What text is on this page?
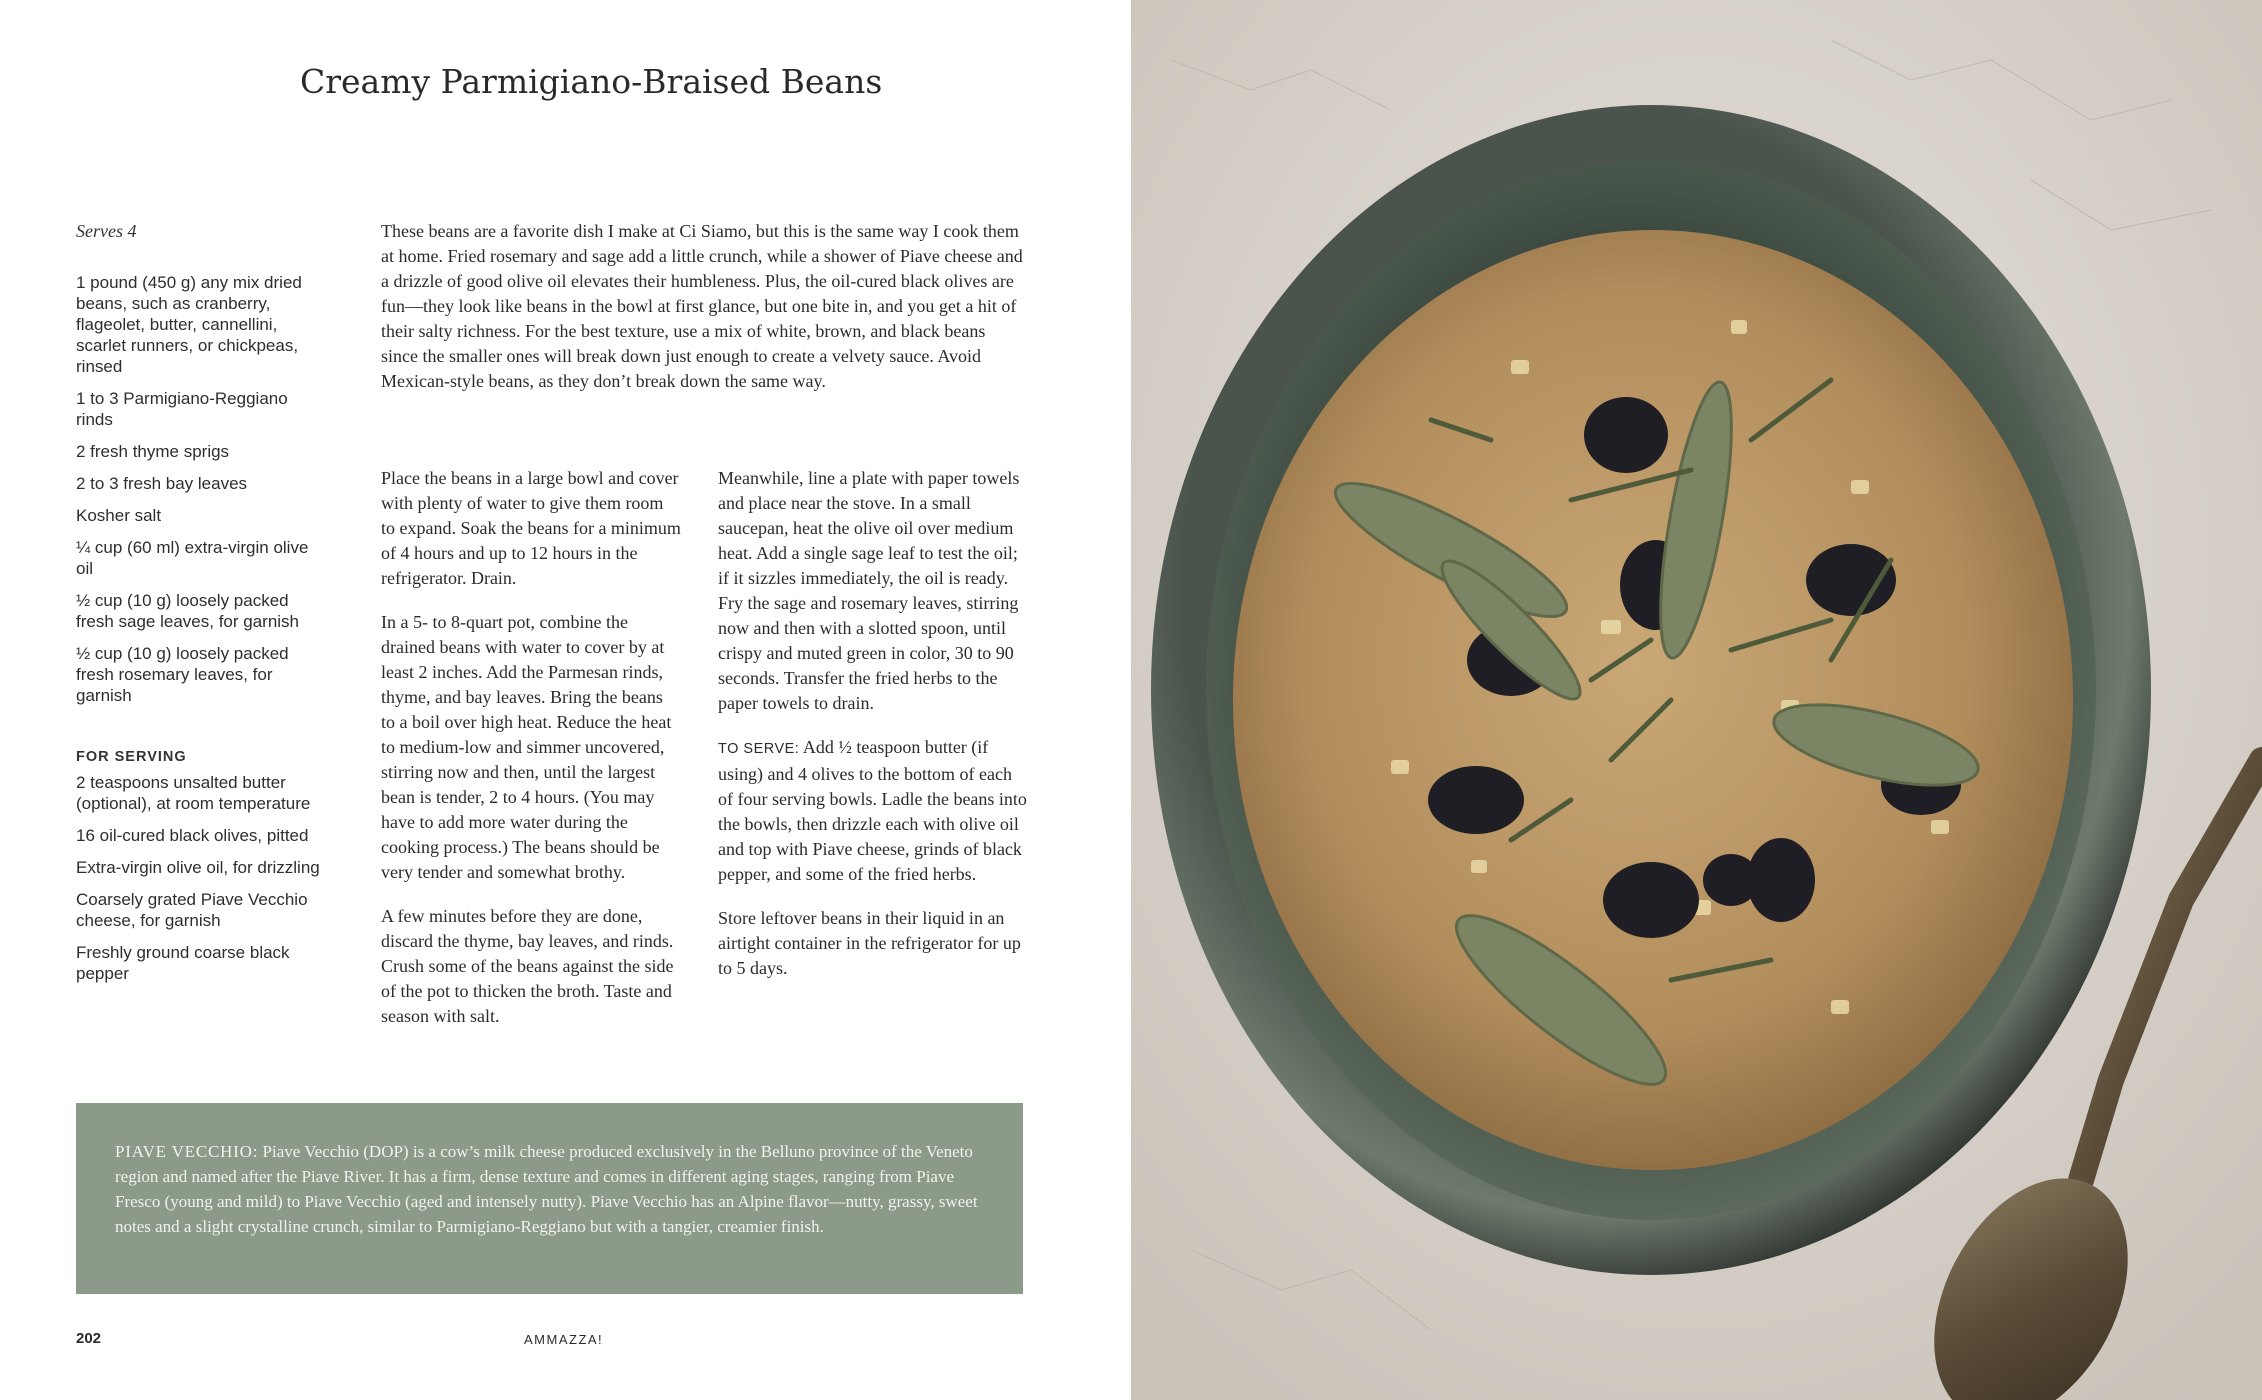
Creamy Parmigiano-Braised Beans

Serves 4

1 pound (450 g) any mix dried beans, such as cranberry, flageolet, butter, cannellini, scarlet runners, or chickpeas, rinsed
1 to 3 Parmigiano-Reggiano rinds
2 fresh thyme sprigs
2 to 3 fresh bay leaves
Kosher salt
¼ cup (60 ml) extra-virgin olive oil
½ cup (10 g) loosely packed fresh sage leaves, for garnish
½ cup (10 g) loosely packed fresh rosemary leaves, for garnish

FOR SERVING

2 teaspoons unsalted butter (optional), at room temperature
16 oil-cured black olives, pitted
Extra-virgin olive oil, for drizzling
Coarsely grated Piave Vecchio cheese, for garnish
Freshly ground coarse black pepper

These beans are a favorite dish I make at Ci Siamo, but this is the same way I cook them at home. Fried rosemary and sage add a little crunch, while a shower of Piave cheese and a drizzle of good olive oil elevates their humbleness. Plus, the oil-cured black olives are fun—they look like beans in the bowl at first glance, but one bite in, and you get a hit of their salty richness. For the best texture, use a mix of white, brown, and black beans since the smaller ones will break down just enough to create a velvety sauce. Avoid Mexican-style beans, as they don’t break down the same way.

Place the beans in a large bowl and cover with plenty of water to give them room to expand. Soak the beans for a minimum of 4 hours and up to 12 hours in the refrigerator. Drain.

In a 5- to 8-quart pot, combine the drained beans with water to cover by at least 2 inches. Add the Parmesan rinds, thyme, and bay leaves. Bring the beans to a boil over high heat. Reduce the heat to medium-low and simmer uncovered, stirring now and then, until the largest bean is tender, 2 to 4 hours. (You may have to add more water during the cooking process.) The beans should be very tender and somewhat brothy.

A few minutes before they are done, discard the thyme, bay leaves, and rinds. Crush some of the beans against the side of the pot to thicken the broth. Taste and season with salt.

Meanwhile, line a plate with paper towels and place near the stove. In a small saucepan, heat the olive oil over medium heat. Add a single sage leaf to test the oil; if it sizzles immediately, the oil is ready. Fry the sage and rosemary leaves, stirring now and then with a slotted spoon, until crispy and muted green in color, 30 to 90 seconds. Transfer the fried herbs to the paper towels to drain.

TO SERVE: Add ½ teaspoon butter (if using) and 4 olives to the bottom of each of four serving bowls. Ladle the beans into the bowls, then drizzle each with olive oil and top with Piave cheese, grinds of black pepper, and some of the fried herbs.

Store leftover beans in their liquid in an airtight container in the refrigerator for up to 5 days.

PIAVE VECCHIO: Piave Vecchio (DOP) is a cow’s milk cheese produced exclusively in the Belluno province of the Veneto region and named after the Piave River. It has a firm, dense texture and comes in different aging stages, ranging from Piave Fresco (young and mild) to Piave Vecchio (aged and intensely nutty). Piave Vecchio has an Alpine flavor—nutty, grassy, sweet notes and a slight crystalline crunch, similar to Parmigiano-Reggiano but with a tangier, creamier finish.

202	AMMAZZA!
